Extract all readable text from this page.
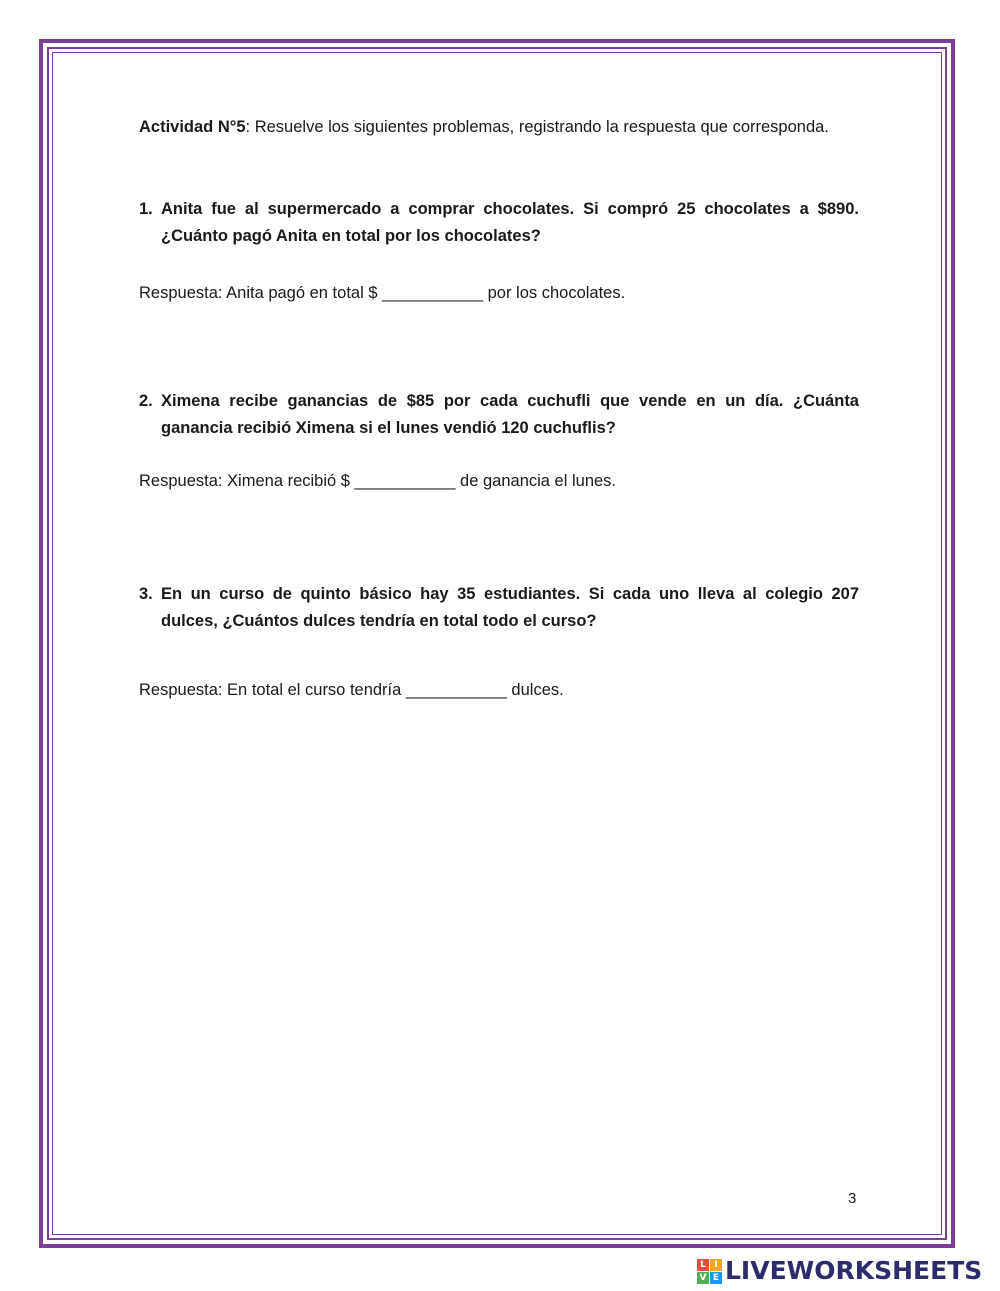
Actividad N°5: Resuelve los siguientes problemas, registrando la respuesta que corresponda.
1. Anita fue al supermercado a comprar chocolates. Si compró 25 chocolates a $890. ¿Cuánto pagó Anita en total por los chocolates?
Respuesta: Anita pagó en total $ ___________ por los chocolates.
2. Ximena recibe ganancias de $85 por cada cuchufli que vende en un día. ¿Cuánta ganancia recibió Ximena si el lunes vendió 120 cuchuflis?
Respuesta: Ximena recibió $ ___________ de ganancia el lunes.
3. En un curso de quinto básico hay 35 estudiantes. Si cada uno lleva al colegio 207 dulces, ¿Cuántos dulces tendría en total todo el curso?
Respuesta: En total el curso tendría ___________ dulces.
3
L I
V E LIVEWORKSHEETS
